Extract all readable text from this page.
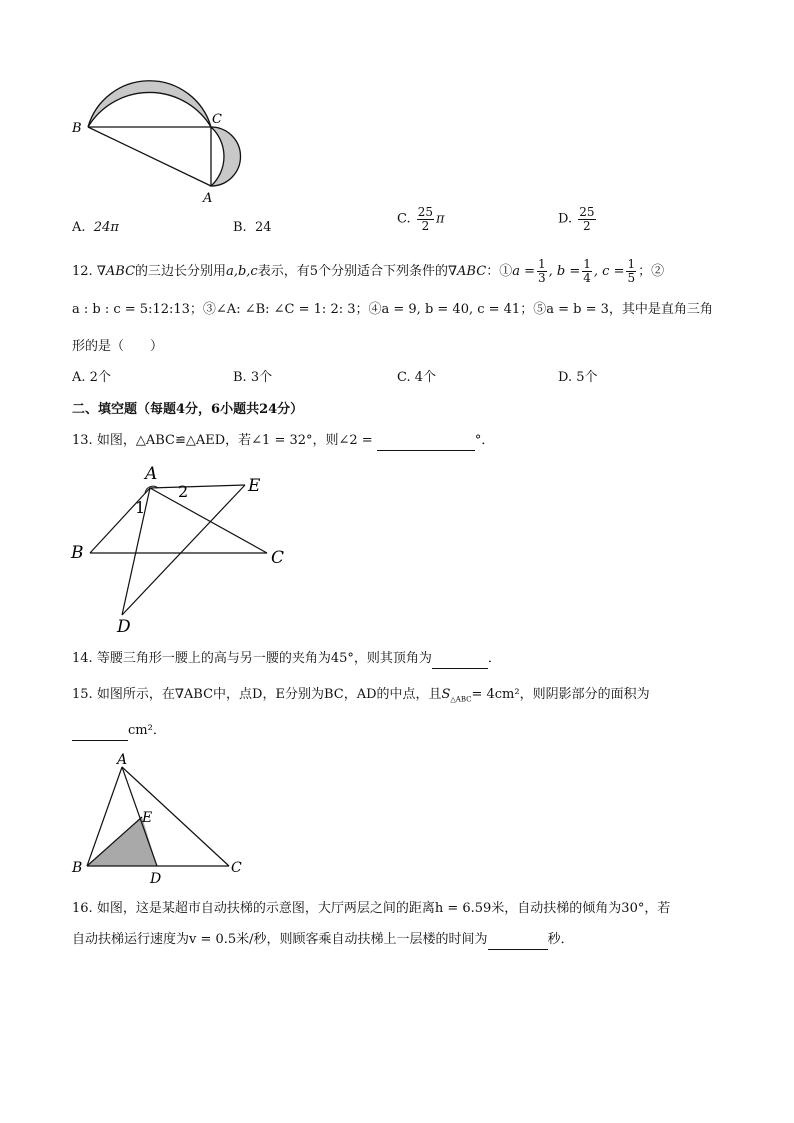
B
C
A
A. 24π	B. 24
C. $\frac{25}{2}$ π	D. $\frac{25}{2}$
12. ∇ABC的三边长分别用a,b,c表示，有5个分别适合下列条件的∇ABC：①a = $\frac{1}{3}$ , $b = \frac{1}{4}$ , $c = \frac{1}{5}$ ；②
a : b : c = 5:12:13；③∠A: ∠B: ∠C = 1: 2: 3；④a = 9, b = 40, c = 41；⑤a = b = 3，其中是直角三角
形的是（　　）
A. 2个	B. 3个	C. 4个	D. 5个
二、填空题（每题4分，6小题共24分）
13. 如图，△ABC≌△AED，若∠1 = 32°，则∠2 =	°．
A
E
B	C
D
1
2
14. 等腰三角形一腰上的高与另一腰的夹角为45°，则其顶角为	．
15. 如图所示，在∇ABC中，点D，E分别为BC，AD的中点，且$S_{\triangle ABC}= 4cm^2$，则阴影部分的面积为
cm²．
A
E
B
D
C
16. 如图，这是某超市自动扶梯的示意图，大厅两层之间的距离h = 6.59米，自动扶梯的倾角为30°，若
自动扶梯运行速度为v = 0.5米/秒，则顾客乘自动扶梯上一层楼的时间为	秒．
